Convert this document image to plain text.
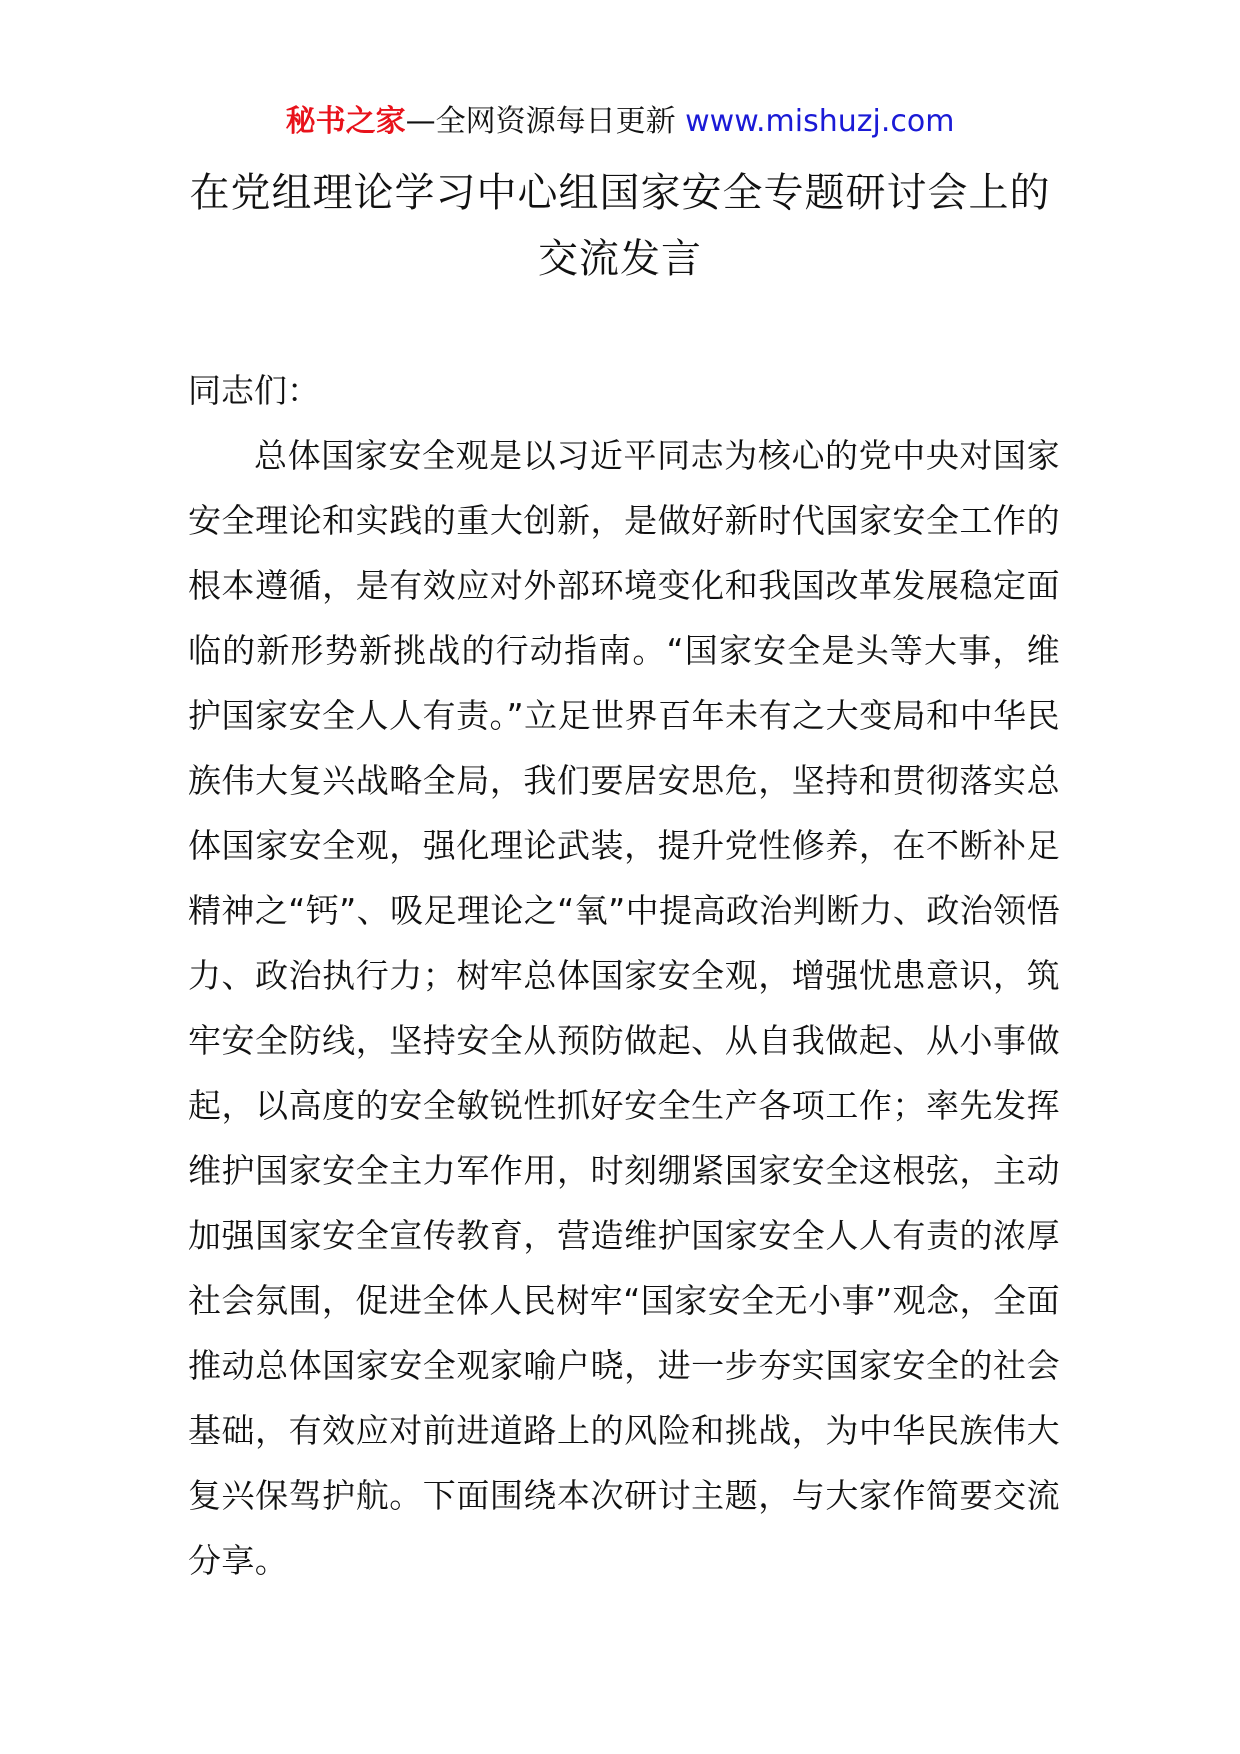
秘书之家—全网资源每日更新 www.mishuzj.com
在党组理论学习中心组国家安全专题研讨会上的交流发言

同志们：

总体国家安全观是以习近平同志为核心的党中央对国家安全理论和实践的重大创新，是做好新时代国家安全工作的根本遵循，是有效应对外部环境变化和我国改革发展稳定面临的新形势新挑战的行动指南。“国家安全是头等大事，维护国家安全人人有责。”立足世界百年未有之大变局和中华民族伟大复兴战略全局，我们要居安思危，坚持和贯彻落实总体国家安全观，强化理论武装，提升党性修养，在不断补足精神之“钙”、吸足理论之“氧”中提高政治判断力、政治领悟力、政治执行力；树牢总体国家安全观，增强忧患意识，筑牢安全防线，坚持安全从预防做起、从自我做起、从小事做起，以高度的安全敏锐性抓好安全生产各项工作；率先发挥维护国家安全主力军作用，时刻绷紧国家安全这根弦，主动加强国家安全宣传教育，营造维护国家安全人人有责的浓厚社会氛围，促进全体人民树牢“国家安全无小事”观念，全面推动总体国家安全观家喻户晓，进一步夯实国家安全的社会基础，有效应对前进道路上的风险和挑战，为中华民族伟大复兴保驾护航。下面围绕本次研讨主题，与大家作简要交流分享。
